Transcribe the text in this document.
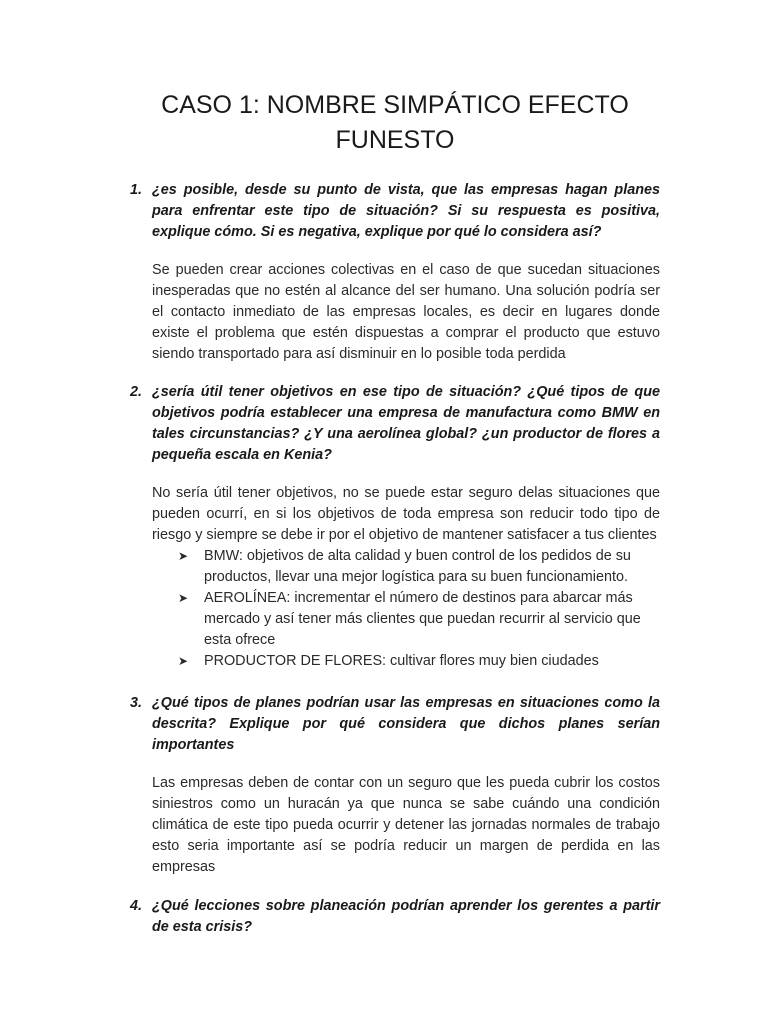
CASO 1: NOMBRE SIMPÁTICO EFECTO FUNESTO
1. ¿es posible, desde su punto de vista, que las empresas hagan planes para enfrentar este tipo de situación? Si su respuesta es positiva, explique cómo. Si es negativa, explique por qué lo considera así?

Se pueden crear acciones colectivas en el caso de que sucedan situaciones inesperadas que no estén al alcance del ser humano. Una solución podría ser el contacto inmediato de las empresas locales, es decir en lugares donde existe el problema que estén dispuestas a comprar el producto que estuvo siendo transportado para así disminuir en lo posible toda perdida

2. ¿sería útil tener objetivos en ese tipo de situación? ¿Qué tipos de que objetivos podría establecer una empresa de manufactura como BMW en tales circunstancias? ¿Y una aerolínea global? ¿un productor de flores a pequeña escala en Kenia?

No sería útil tener objetivos, no se puede estar seguro delas situaciones que pueden ocurrí, en si los objetivos de toda empresa son reducir todo tipo de riesgo y siempre se debe ir por el objetivo de mantener satisfacer a tus clientes

➤ BMW: objetivos de alta calidad y buen control de los pedidos de su productos, llevar una mejor logística para su buen funcionamiento.
➤ AEROLÍNEA: incrementar el número de destinos para abarcar más mercado y así tener más clientes que puedan recurrir al servicio que esta ofrece
➤ PRODUCTOR DE FLORES: cultivar flores muy bien ciudades
3. ¿Qué tipos de planes podrían usar las empresas en situaciones como la descrita? Explique por qué considera que dichos planes serían importantes

Las empresas deben de contar con un seguro que les pueda cubrir los costos siniestros como un huracán ya que nunca se sabe cuándo una condición climática de este tipo pueda ocurrir y detener las jornadas normales de trabajo esto seria importante así se podría reducir un margen de perdida en las empresas

4. ¿Qué lecciones sobre planeación podrían aprender los gerentes a partir de esta crisis?
